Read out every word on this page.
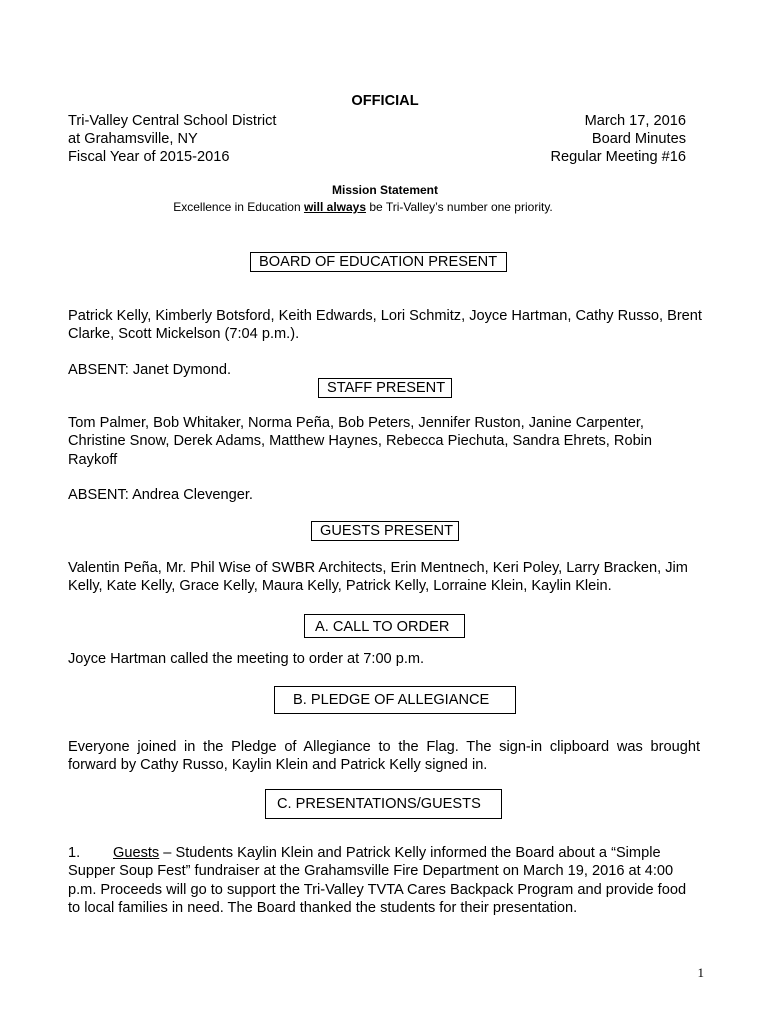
OFFICIAL
Tri-Valley Central School District
at Grahamsville, NY
Fiscal Year of 2015-2016
March 17, 2016
Board Minutes
Regular Meeting #16
Mission Statement
Excellence in Education will always be Tri-Valley’s number one priority.
BOARD OF EDUCATION PRESENT
Patrick Kelly, Kimberly Botsford, Keith Edwards, Lori Schmitz, Joyce Hartman, Cathy Russo, Brent Clarke, Scott Mickelson (7:04 p.m.).
ABSENT: Janet Dymond.
STAFF PRESENT
Tom Palmer, Bob Whitaker, Norma Peña, Bob Peters, Jennifer Ruston, Janine Carpenter, Christine Snow, Derek Adams, Matthew Haynes, Rebecca Piechuta, Sandra Ehrets, Robin Raykoff
ABSENT: Andrea Clevenger.
GUESTS PRESENT
Valentin Peña, Mr. Phil Wise of SWBR Architects, Erin Mentnech, Keri Poley, Larry Bracken, Jim Kelly, Kate Kelly, Grace Kelly, Maura Kelly, Patrick Kelly, Lorraine Klein, Kaylin Klein.
A. CALL TO ORDER
Joyce Hartman called the meeting to order at 7:00 p.m.
B. PLEDGE OF ALLEGIANCE
Everyone joined in the Pledge of Allegiance to the Flag. The sign-in clipboard was brought forward by Cathy Russo, Kaylin Klein and Patrick Kelly signed in.
C. PRESENTATIONS/GUESTS
1. Guests – Students Kaylin Klein and Patrick Kelly informed the Board about a “Simple Supper Soup Fest” fundraiser at the Grahamsville Fire Department on March 19, 2016 at 4:00 p.m. Proceeds will go to support the Tri-Valley TVTA Cares Backpack Program and provide food to local families in need. The Board thanked the students for their presentation.
1
